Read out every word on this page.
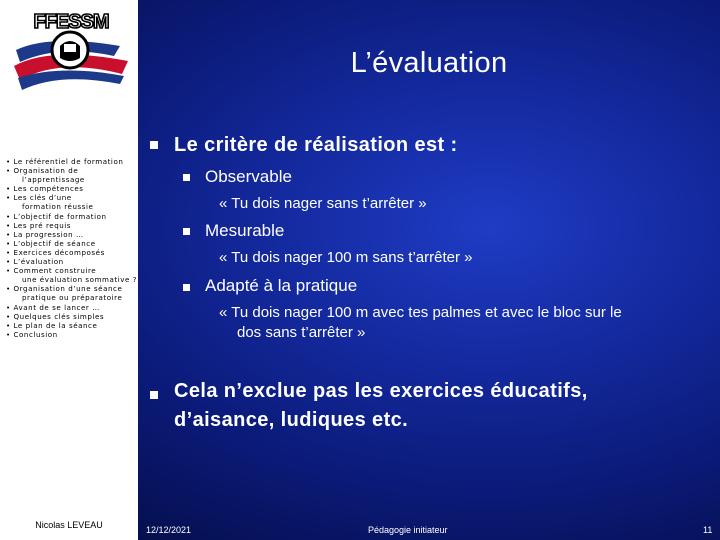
FFESSM
• Le référentiel de formation
• Organisation de
l’apprentissage
• Les compétences
• Les clés d’une
formation réussie
• L’objectif de formation
• Les pré requis
• La progression …
• L’objectif de séance
• Exercices décomposés
• L’évaluation
• Comment construire
une évaluation sommative ?
• Organisation d’une séance
pratique ou préparatoire
• Avant de se lancer …
• Quelques clés simples
• Le plan de la séance
• Conclusion
Nicolas LEVEAU
L’évaluation
Le critère de réalisation est :
Observable
« Tu dois nager sans t’arrêter »
Mesurable
« Tu dois nager 100 m sans t’arrêter »
Adapté à la pratique
« Tu dois nager 100 m avec tes palmes et avec le bloc sur le
dos sans t’arrêter »
Cela n’exclue pas les exercices éducatifs,
d’aisance, ludiques etc.
12/12/2021	Pédagogie initiateur	11
